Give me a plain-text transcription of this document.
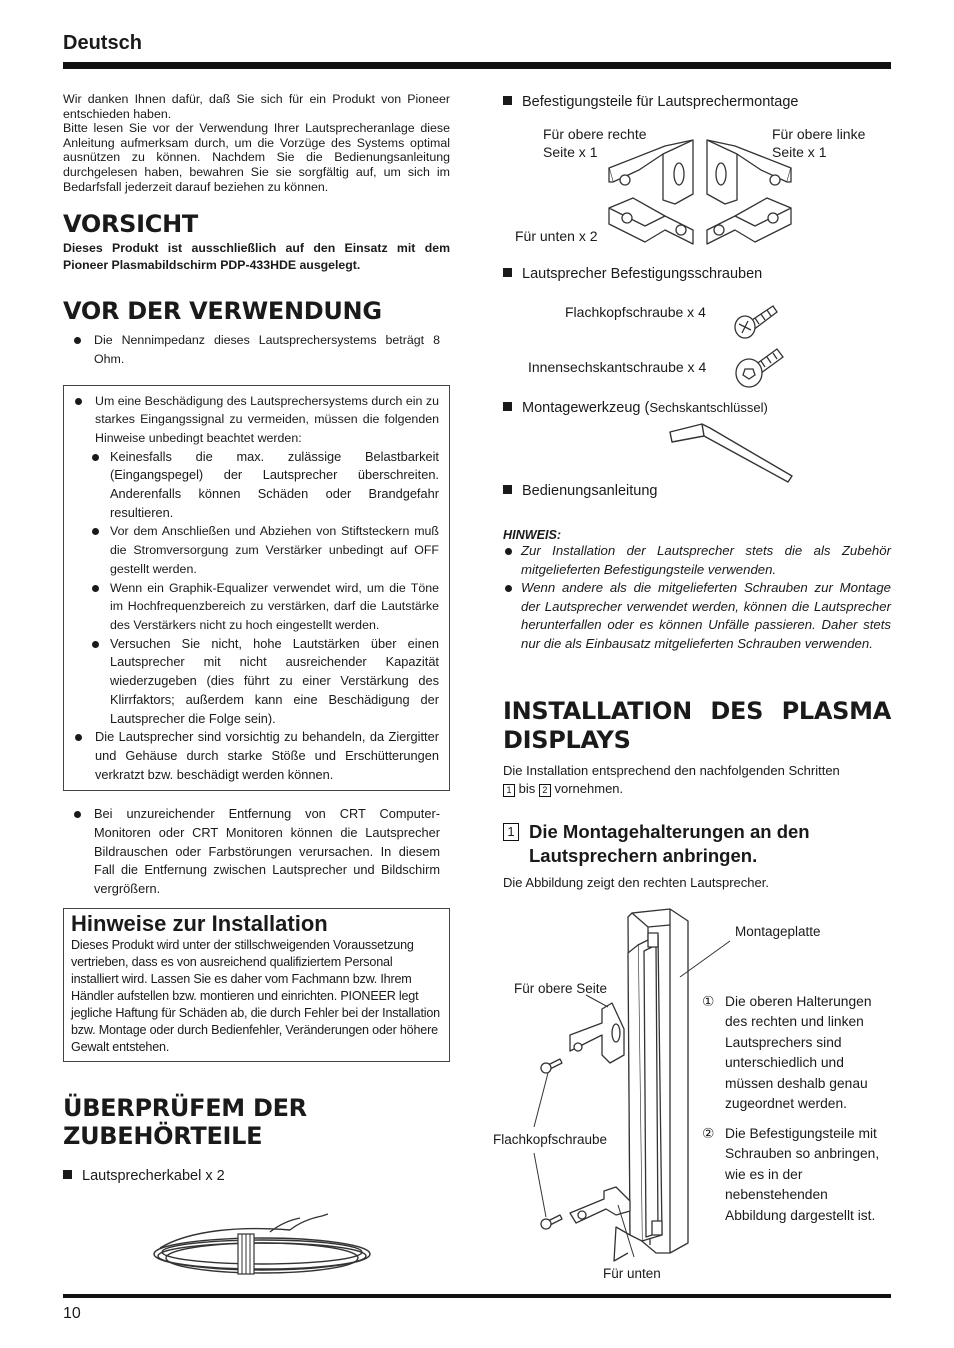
Deutsch

Wir danken Ihnen dafür, daß Sie sich für ein Produkt von Pioneer entschieden haben.

Bitte lesen Sie vor der Verwendung Ihrer Lautsprecheranlage diese Anleitung aufmerksam durch, um die Vorzüge des Systems optimal ausnützen zu können. Nachdem Sie die Bedienungsanleitung durchgelesen haben, bewahren Sie sie sorgfältig auf, um sich im Bedarfsfall jederzeit darauf beziehen zu können.

VORSICHT

Dieses Produkt ist ausschließlich auf den Einsatz mit dem Pioneer Plasmabildschirm PDP-433HDE ausgelegt.

VOR DER VERWENDUNG
Die Nennimpedanz dieses Lautsprechersystems beträgt 8 Ohm.
Um eine Beschädigung des Lautsprechersystems durch ein zu starkes Eingangssignal zu vermeiden, müssen die folgenden Hinweise unbedingt beachtet werden:
Keinesfalls die max. zulässige Belastbarkeit (Eingangspegel) der Lautsprecher überschreiten. Anderenfalls können Schäden oder Brandgefahr resultieren.
Vor dem Anschließen und Abziehen von Stiftsteckern muß die Stromversorgung zum Verstärker unbedingt auf OFF gestellt werden.
Wenn ein Graphik-Equalizer verwendet wird, um die Töne im Hochfrequenzbereich zu verstärken, darf die Lautstärke des Verstärkers nicht zu hoch eingestellt werden.
Versuchen Sie nicht, hohe Lautstärken über einen Lautsprecher mit nicht ausreichender Kapazität wiederzugeben (dies führt zu einer Verstärkung des Klirrfaktors; außerdem kann eine Beschädigung der Lautsprecher die Folge sein).
Die Lautsprecher sind vorsichtig zu behandeln, da Ziergitter und Gehäuse durch starke Stöße und Erschütterungen verkratzt bzw. beschädigt werden können.
Bei unzureichender Entfernung von CRT Computer-Monitoren oder CRT Monitoren können die Lautsprecher Bildrauschen oder Farbstörungen verursachen. In diesem Fall die Entfernung zwischen Lautsprecher und Bildschirm vergrößern.
Hinweise zur Installation

Dieses Produkt wird unter der stillschweigenden Voraussetzung vertrieben, dass es von ausreichend qualifiziertem Personal installiert wird. Lassen Sie es daher vom Fachmann bzw. Ihrem Händler aufstellen bzw. montieren und einrichten. PIONEER legt jegliche Haftung für Schäden ab, die durch Fehler bei der Installation bzw. Montage oder durch Bedienfehler, Veränderungen oder höhere Gewalt entstehen.

ÜBERPRÜFEM DER ZUBEHÖRTEILE
Lautsprecherkabel x 2
Befestigungsteile für Lautsprechermontage
Für obere rechte
Seite x 1
Für obere linke
Seite x 1
Für unten x 2
Lautsprecher Befestigungsschrauben
Flachkopfschraube x 4
Innensechskantschraube x 4
Montagewerkzeug (Sechskantschlüssel)
Bedienungsanleitung

HINWEIS:

Zur Installation der Lautsprecher stets die als Zubehör mitgelieferten Befestigungsteile verwenden.
Wenn andere als die mitgelieferten Schrauben zur Montage der Lautsprecher verwendet werden, können die Lautsprecher herunterfallen oder es können Unfälle passieren. Daher stets nur die als Einbausatz mitgelieferten Schrauben verwenden.
INSTALLATION DES PLASMA DISPLAYS
Die Installation entsprechend den nachfolgenden Schritten
1 bis 2 vornehmen.
1 Die Montagehalterungen an den Lautsprechern anbringen.
Die Abbildung zeigt den rechten Lautsprecher.
Montageplatte
Für obere Seite
Flachkopfschraube
Für unten
① Die oberen Halterungen des rechten und linken Lautsprechers sind unterschiedlich und müssen deshalb genau zugeordnet werden.
② Die Befestigungsteile mit Schrauben so anbringen, wie es in der nebenstehenden Abbildung dargestellt ist.
10
